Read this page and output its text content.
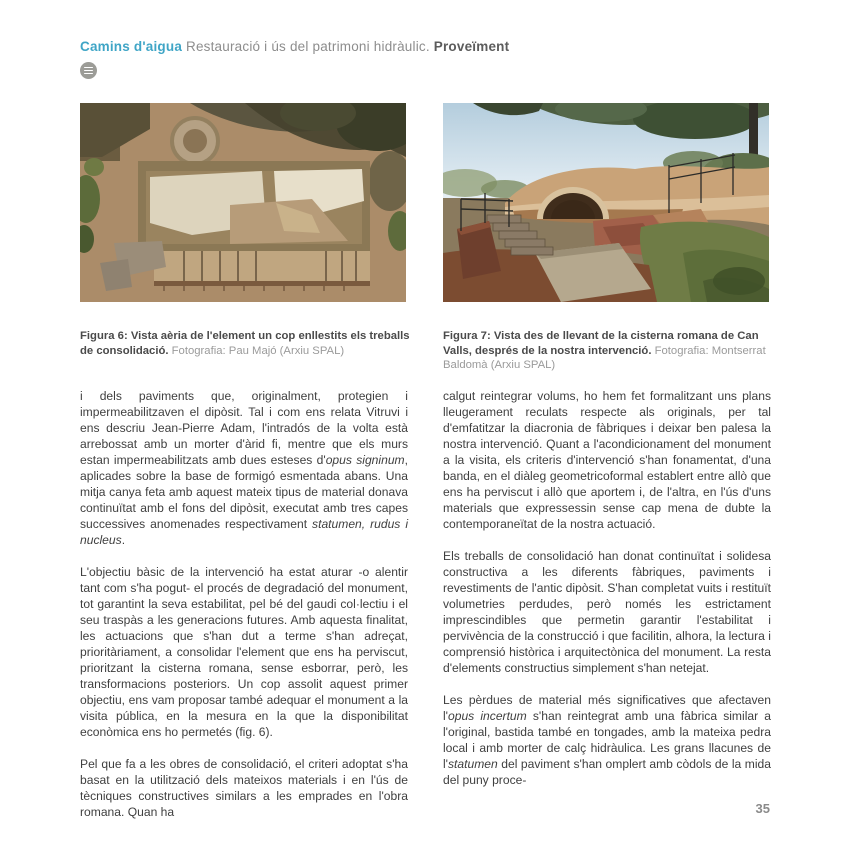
Camins d'aigua Restauració i ús del patrimoni hidràulic. Proveïment

Figura 6: Vista aèria de l'element un cop enllestits els treballs de consolidació. Fotografia: Pau Majó (Arxiu SPAL)

Figura 7: Vista des de llevant de la cisterna romana de Can Valls, després de la nostra intervenció. Fotografia: Montserrat Baldomà (Arxiu SPAL)

i dels paviments que, originalment, protegien i impermeabilitzaven el dipòsit. Tal i com ens relata Vitruvi i ens descriu Jean-Pierre Adam, l'intradós de la volta està arrebossat amb un morter d'àrid fi, mentre que els murs estan impermeabilitzats amb dues esteses d'opus signinum, aplicades sobre la base de formigó esmentada abans. Una mitja canya feta amb aquest mateix tipus de material donava continuïtat amb el fons del dipòsit, executat amb tres capes successives anomenades respectivament statumen, rudus i nucleus.

L'objectiu bàsic de la intervenció ha estat aturar -o alentir tant com s'ha pogut- el procés de degradació del monument, tot garantint la seva estabilitat, pel bé del gaudi col·lectiu i el seu traspàs a les generacions futures. Amb aquesta finalitat, les actuacions que s'han dut a terme s'han adreçat, prioritàriament, a consolidar l'element que ens ha perviscut, prioritzant la cisterna romana, sense esborrar, però, les transformacions posteriors. Un cop assolit aquest primer objectiu, ens vam proposar també adequar el monument a la visita pública, en la mesura en la que la disponibilitat econòmica ens ho permetés (fig. 6).

Pel que fa a les obres de consolidació, el criteri adoptat s'ha basat en la utilització dels mateixos materials i en l'ús de tècniques constructives similars a les emprades en l'obra romana. Quan ha

calgut reintegrar volums, ho hem fet formalitzant uns plans lleugerament reculats respecte als originals, per tal d'emfatitzar la diacronia de fàbriques i deixar ben palesa la nostra intervenció. Quant a l'acondicionament del monument a la visita, els criteris d'intervenció s'han fonamentat, d'una banda, en el diàleg geometricoformal establert entre allò que ens ha perviscut i allò que aportem i, de l'altra, en l'ús d'uns materials que expressessin sense cap mena de dubte la contemporaneïtat de la nostra actuació.

Els treballs de consolidació han donat continuïtat i solidesa constructiva a les diferents fàbriques, paviments i revestiments de l'antic dipòsit. S'han completat vuits i restituït volumetries perdudes, però només les estrictament imprescindibles que permetin garantir l'estabilitat i pervivència de la construcció i que facilitin, alhora, la lectura i comprensió històrica i arquitectònica del monument. La resta d'elements constructius simplement s'han netejat.

Les pèrdues de material més significatives que afectaven l'opus incertum s'han reintegrat amb una fàbrica similar a l'original, bastida també en tongades, amb la mateixa pedra local i amb morter de calç hidràulica. Les grans llacunes de l'statumen del paviment s'han omplert amb còdols de la mida del puny proce-

35
